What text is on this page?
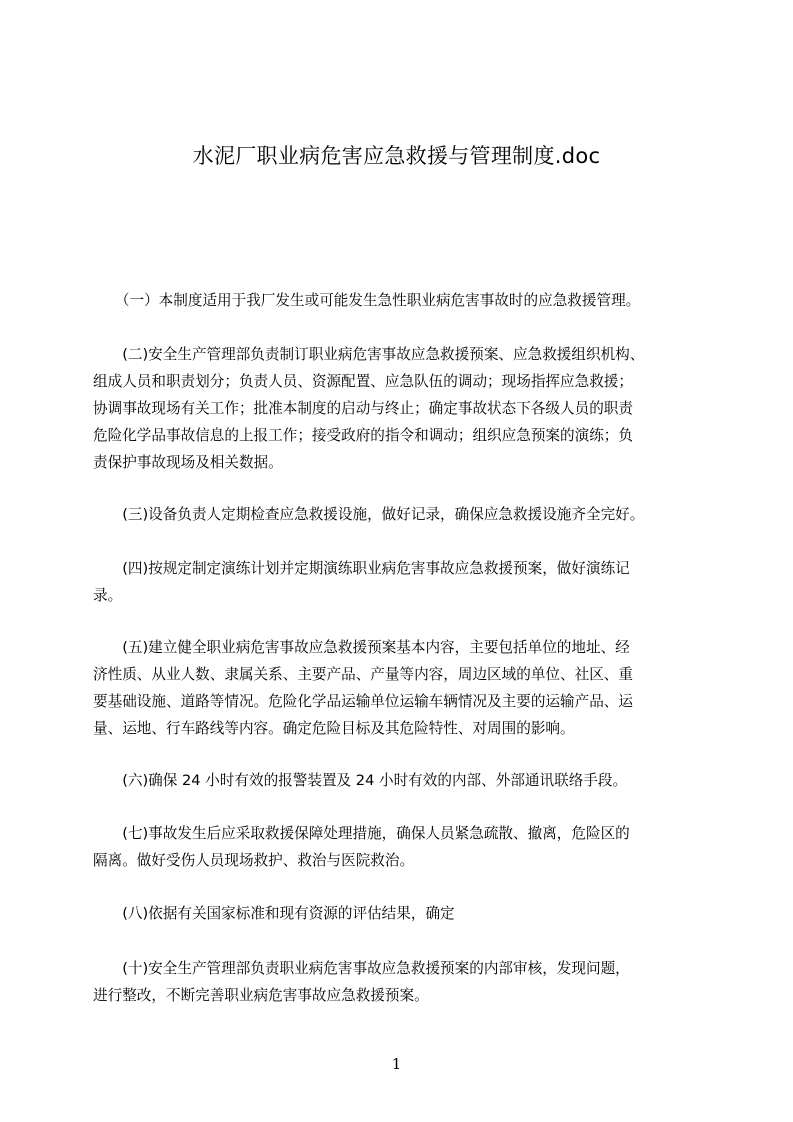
水泥厂职业病危害应急救援与管理制度.doc
　　（一）本制度适用于我厂发生或可能发生急性职业病危害事故时的应急救援管理。
　　(二)安全生产管理部负责制订职业病危害事故应急救援预案、应急救援组织机构、
组成人员和职责划分；负责人员、资源配置、应急队伍的调动；现场指挥应急救援；
协调事故现场有关工作；批准本制度的启动与终止；确定事故状态下各级人员的职责
危险化学品事故信息的上报工作；接受政府的指令和调动；组织应急预案的演练；负
责保护事故现场及相关数据。
　　(三)设备负责人定期检查应急救援设施，做好记录，确保应急救援设施齐全完好。
　　(四)按规定制定演练计划并定期演练职业病危害事故应急救援预案，做好演练记
录。
　　(五)建立健全职业病危害事故应急救援预案基本内容，主要包括单位的地址、经
济性质、从业人数、隶属关系、主要产品、产量等内容，周边区域的单位、社区、重
要基础设施、道路等情况。危险化学品运输单位运输车辆情况及主要的运输产品、运
量、运地、行车路线等内容。确定危险目标及其危险特性、对周围的影响。
　　(六)确保 24 小时有效的报警装置及 24 小时有效的内部、外部通讯联络手段。
　　(七)事故发生后应采取救援保障处理措施，确保人员紧急疏散、撤离，危险区的
隔离。做好受伤人员现场救护、救治与医院救治。
　　(八)依据有关国家标准和现有资源的评估结果，确定
　　(十)安全生产管理部负责职业病危害事故应急救援预案的内部审核，发现问题，
进行整改，不断完善职业病危害事故应急救援预案。
1
